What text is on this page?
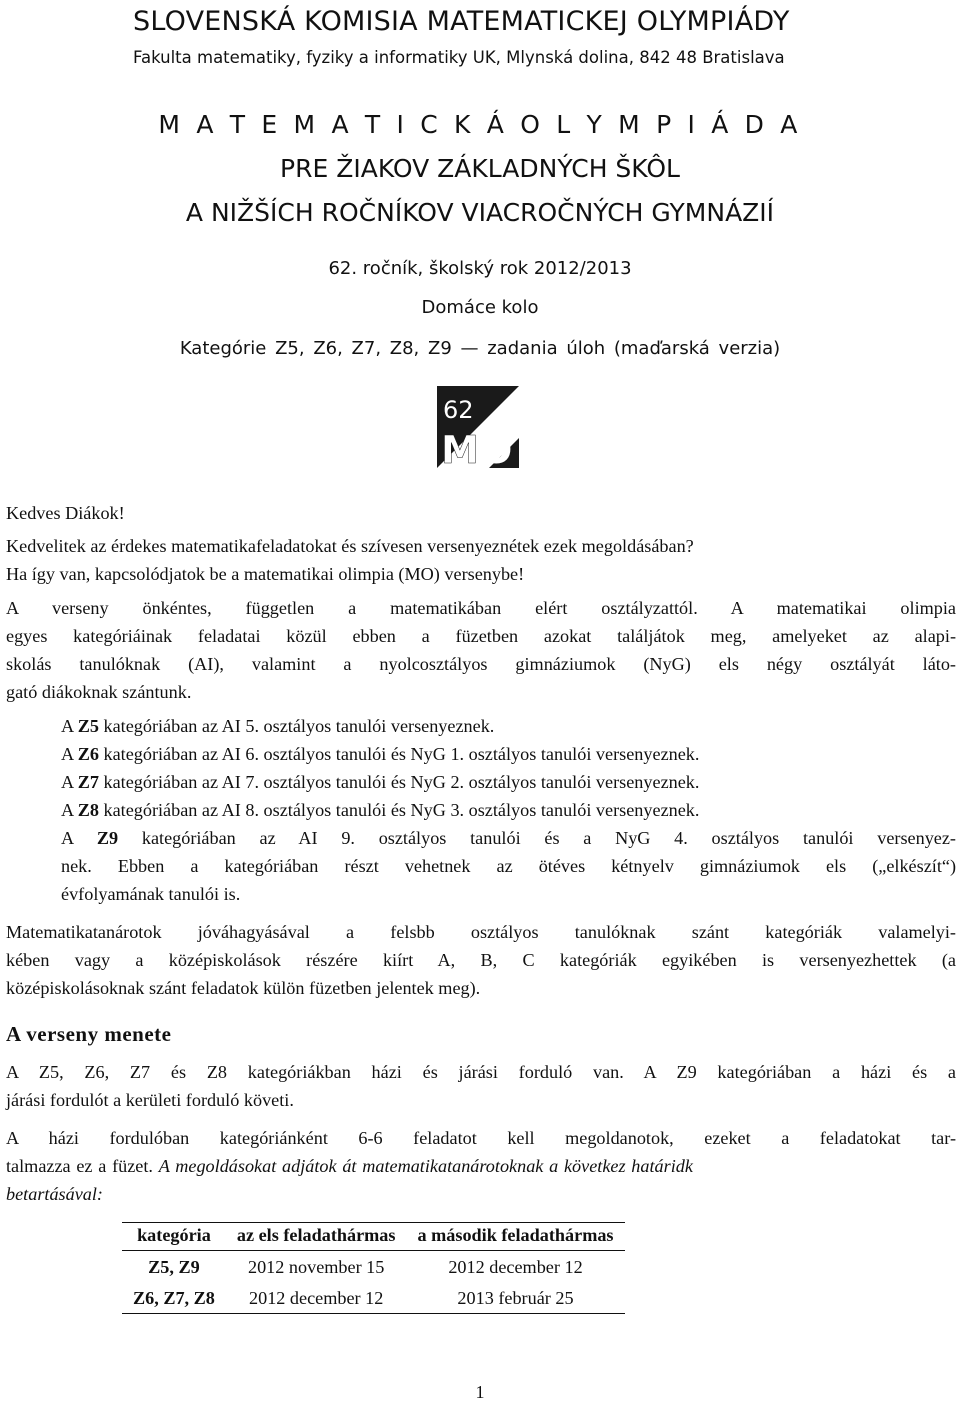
SLOVENSKÁ KOMISIA MATEMATICKEJ OLYMPIÁDY
Fakulta matematiky, fyziky a informatiky UK, Mlynská dolina, 842 48 Bratislava
M A T E M A T I C K Á O L Y M P I Á D A
PRE ŽIAKOV ZÁKLADNÝCH ŠKÔL
A NIŽŠÍCH ROČNÍKOV VIACROČNÝCH GYMNÁZIÍ
62. ročník, školský rok 2012/2013
Domáce kolo
Kategórie Z5, Z6, Z7, Z8, Z9 — zadania úloh (maďarská verzia)
62
M O
Kedves Diákok!
Kedvelitek az érdekes matematikafeladatokat és szívesen versenyeznétek ezek megoldásában?
Ha így van, kapcsolódjatok be a matematikai olimpia (MO) versenybe!
A verseny önkéntes, független a matematikában elért osztályzattól. A matematikai olimpia
egyes kategóriáinak feladatai közül ebben a füzetben azokat találjátok meg, amelyeket az alapi-
skolás tanulóknak (AI), valamint a nyolcosztályos gimnáziumok (NyG) els négy osztályát láto-
gató diákoknak szántunk.
A Z5 kategóriában az AI 5. osztályos tanulói versenyeznek.
A Z6 kategóriában az AI 6. osztályos tanulói és NyG 1. osztályos tanulói versenyeznek.
A Z7 kategóriában az AI 7. osztályos tanulói és NyG 2. osztályos tanulói versenyeznek.
A Z8 kategóriában az AI 8. osztályos tanulói és NyG 3. osztályos tanulói versenyeznek.
A Z9 kategóriában az AI 9. osztályos tanulói és a NyG 4. osztályos tanulói versenyez-
nek. Ebben a kategóriában részt vehetnek az ötéves kétnyelv gimnáziumok els („elkészít“)
évfolyamának tanulói is.
Matematikatanárotok jóváhagyásával a felsbb osztályos tanulóknak szánt kategóriák valamelyi-
kében vagy a középiskolások részére kiírt A, B, C kategóriák egyikében is versenyezhettek (a
középiskolásoknak szánt feladatok külön füzetben jelentek meg).
A verseny menete
A Z5, Z6, Z7 és Z8 kategóriákban házi és járási forduló van. A Z9 kategóriában a házi és a
járási fordulót a kerületi forduló követi.
A házi fordulóban kategóriánként 6-6 feladatot kell megoldanotok, ezeket a feladatokat tar-
talmazza ez a füzet. A megoldásokat adjátok át matematikatanárotoknak a következ határidk
betartásával:
kategória	az els feladathármas	a második feladathármas
Z5, Z9	2012 november 15	2012 december 12
Z6, Z7, Z8	2012 december 12	2013 február 25
1
